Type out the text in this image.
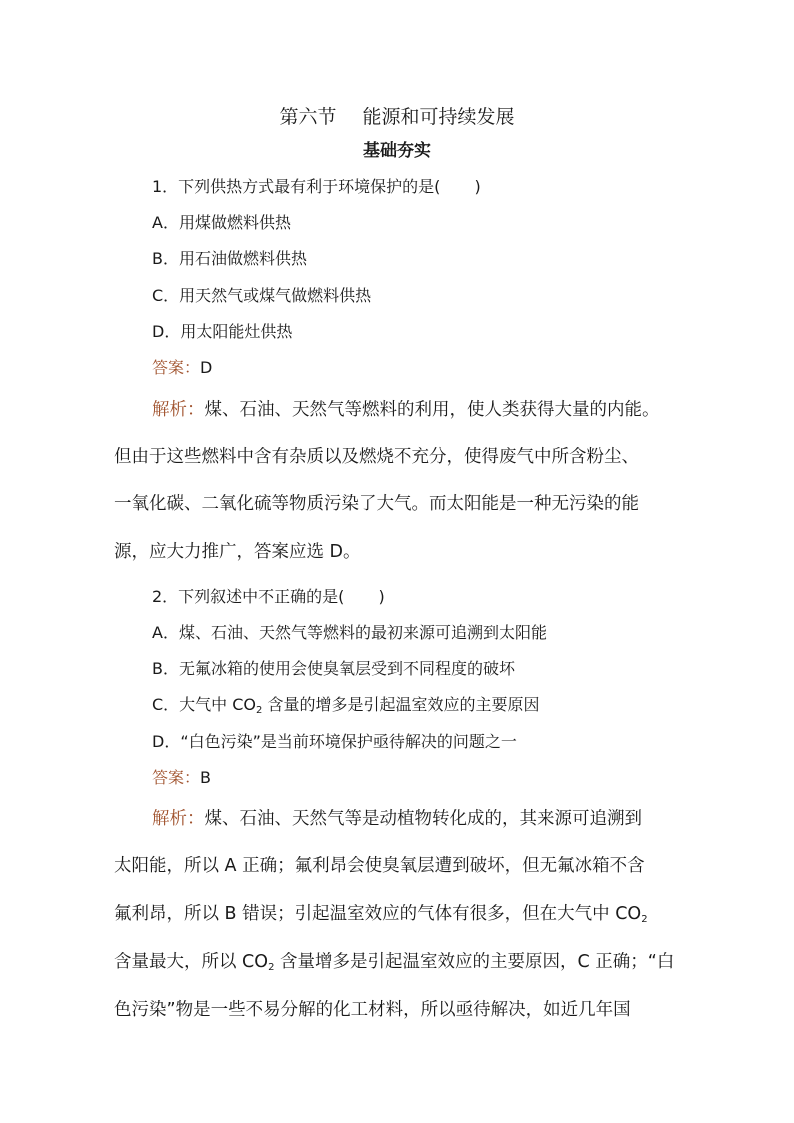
第六节 能源和可持续发展
基础夯实
1．下列供热方式最有利于环境保护的是( )
A．用煤做燃料供热
B．用石油做燃料供热
C．用天然气或煤气做燃料供热
D．用太阳能灶供热
答案：D
解析：煤、石油、天然气等燃料的利用，使人类获得大量的内能。
但由于这些燃料中含有杂质以及燃烧不充分，使得废气中所含粉尘、
一氧化碳、二氧化硫等物质污染了大气。而太阳能是一种无污染的能
源，应大力推广，答案应选 D。
2．下列叙述中不正确的是( )
A．煤、石油、天然气等燃料的最初来源可追溯到太阳能
B．无氟冰箱的使用会使臭氧层受到不同程度的破坏
C．大气中 $CO_2$ 含量的增多是引起温室效应的主要原因
D．“白色污染”是当前环境保护亟待解决的问题之一
答案：B
解析：煤、石油、天然气等是动植物转化成的，其来源可追溯到
太阳能，所以 A 正确；氟利昂会使臭氧层遭到破坏，但无氟冰箱不含
氟利昂，所以 B 错误；引起温室效应的气体有很多，但在大气中 $CO_2$
含量最大，所以 $CO_2$ 含量增多是引起温室效应的主要原因，C 正确；“白
色污染”物是一些不易分解的化工材料，所以亟待解决，如近几年国
